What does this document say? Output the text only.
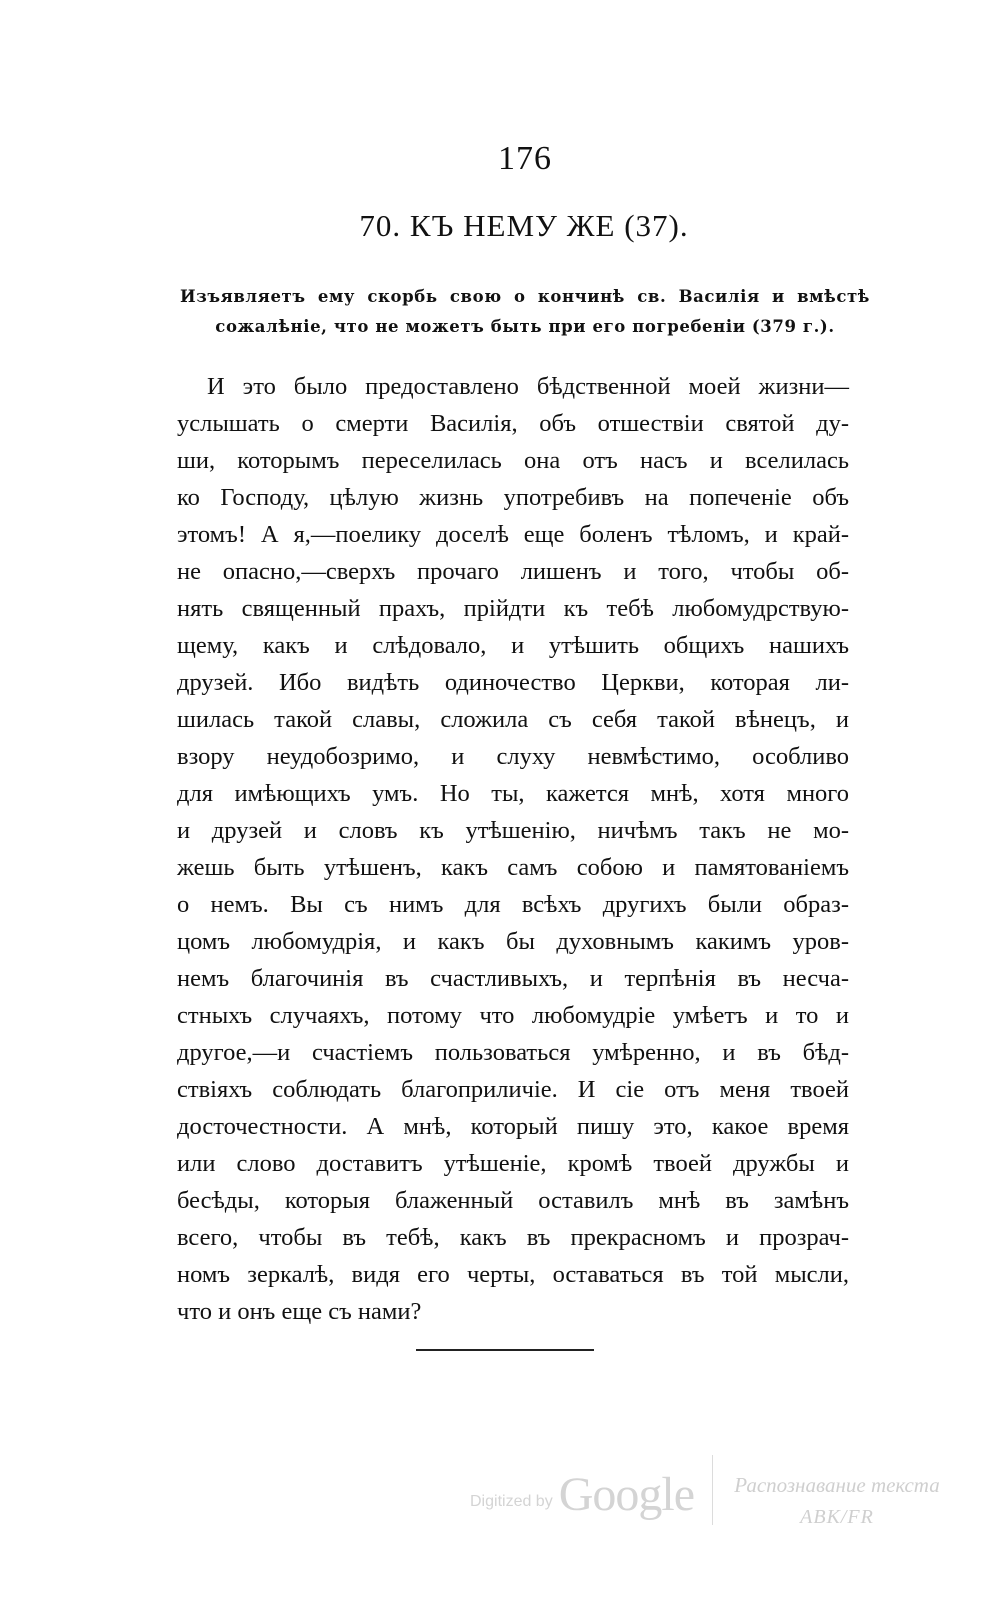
176
70. КЪ НЕМУ ЖЕ (37).
Изъявляетъ ему скорбь свою о кончинѣ св. Василія и вмѣстѣ сожалѣніе, что не можетъ быть при его погребеніи (379 г.).
И это было предоставлено бѣдственной моей жизни—
услышать о смерти Василія, объ отшествіи святой ду-
ши, которымъ переселилась она отъ насъ и вселилась
ко Господу, цѣлую жизнь употребивъ на попеченіе объ
этомъ! А я,—поелику доселѣ еще боленъ тѣломъ, и край-
не опасно,—сверхъ прочаго лишенъ и того, чтобы об-
нять священный прахъ, прійдти къ тебѣ любомудрствую-
щему, какъ и слѣдовало, и утѣшить общихъ нашихъ
друзей. Ибо видѣть одиночество Церкви, которая ли-
шилась такой славы, сложила съ себя такой вѣнецъ, и
взору неудобозримо, и слуху невмѣстимо, особливо
для имѣющихъ умъ. Но ты, кажется мнѣ, хотя много
и друзей и словъ къ утѣшенію, ничѣмъ такъ не мо-
жешь быть утѣшенъ, какъ самъ собою и памятованіемъ
о немъ. Вы съ нимъ для всѣхъ другихъ были образ-
цомъ любомудрія, и какъ бы духовнымъ какимъ уров-
немъ благочинія въ счастливыхъ, и терпѣнія въ несча-
стныхъ случаяхъ, потому что любомудріе умѣетъ и то и
другое,—и счастіемъ пользоваться умѣренно, и въ бѣд-
ствіяхъ соблюдать благоприличіе. И сіе отъ меня твоей
досточестности. А мнѣ, который пишу это, какое время
или слово доставитъ утѣшеніе, кромѣ твоей дружбы и
бесѣды, которыя блаженный оставилъ мнѣ въ замѣнъ
всего, чтобы въ тебѣ, какъ въ прекрасномъ и прозрач-
номъ зеркалѣ, видя его черты, оставаться въ той мысли,
что и онъ еще съ нами?
Digitized by Google	Распознавание текста
АВК/FR
